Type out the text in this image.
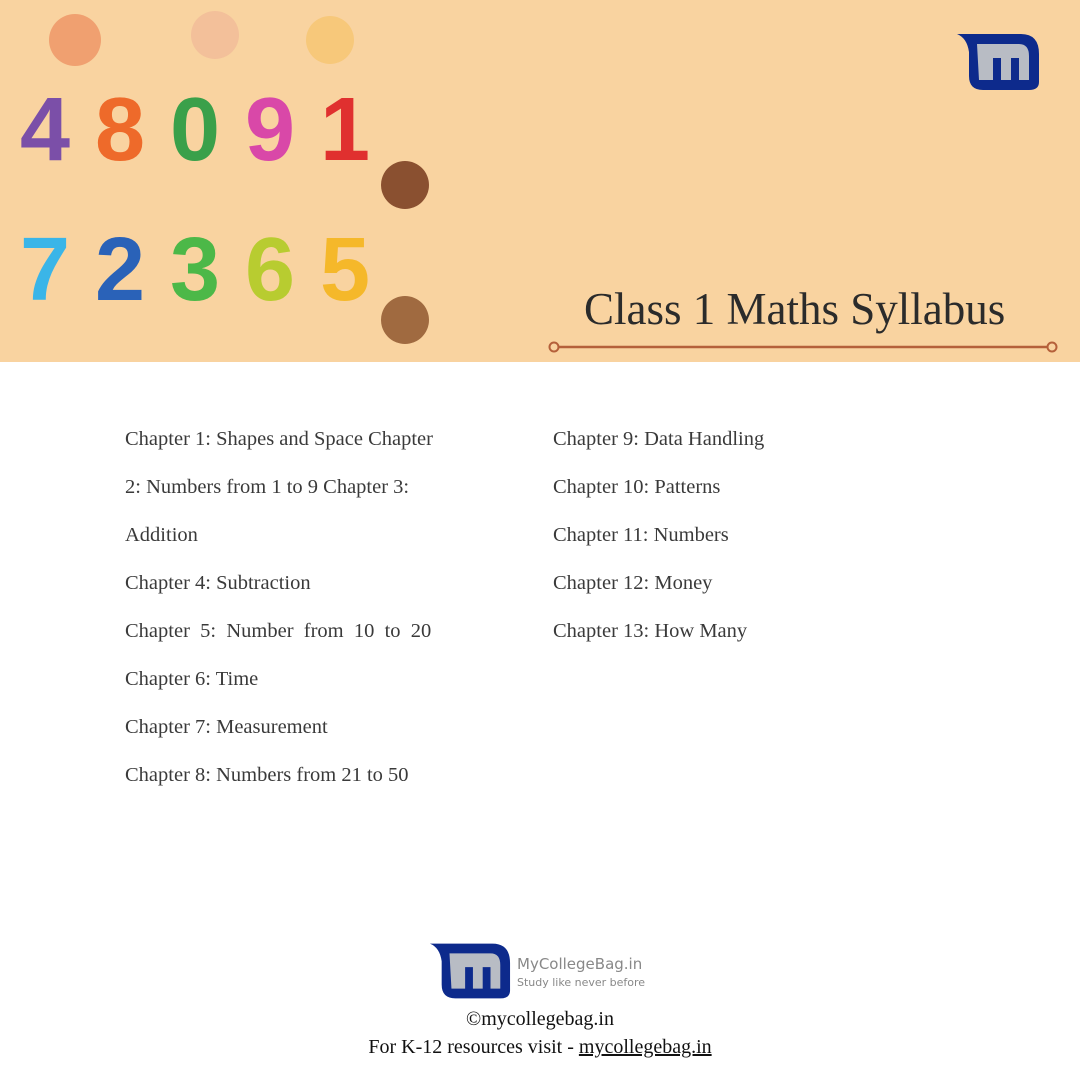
4 8 0 9 1
7 2 3 6 5	Class 1 Maths Syllabus
Chapter 1: Shapes and Space Chapter
2: Numbers from 1 to 9 Chapter 3:
Addition
Chapter 4: Subtraction
Chapter  5:  Number  from  10  to  20
Chapter 6: Time
Chapter 7: Measurement
Chapter 8: Numbers from 21 to 50
Chapter 9: Data Handling
Chapter 10: Patterns
Chapter 11: Numbers
Chapter 12: Money
Chapter 13: How Many
MyCollegeBag.in
Study like never before
©mycollegebag.in
For K-12 resources visit - mycollegebag.in
